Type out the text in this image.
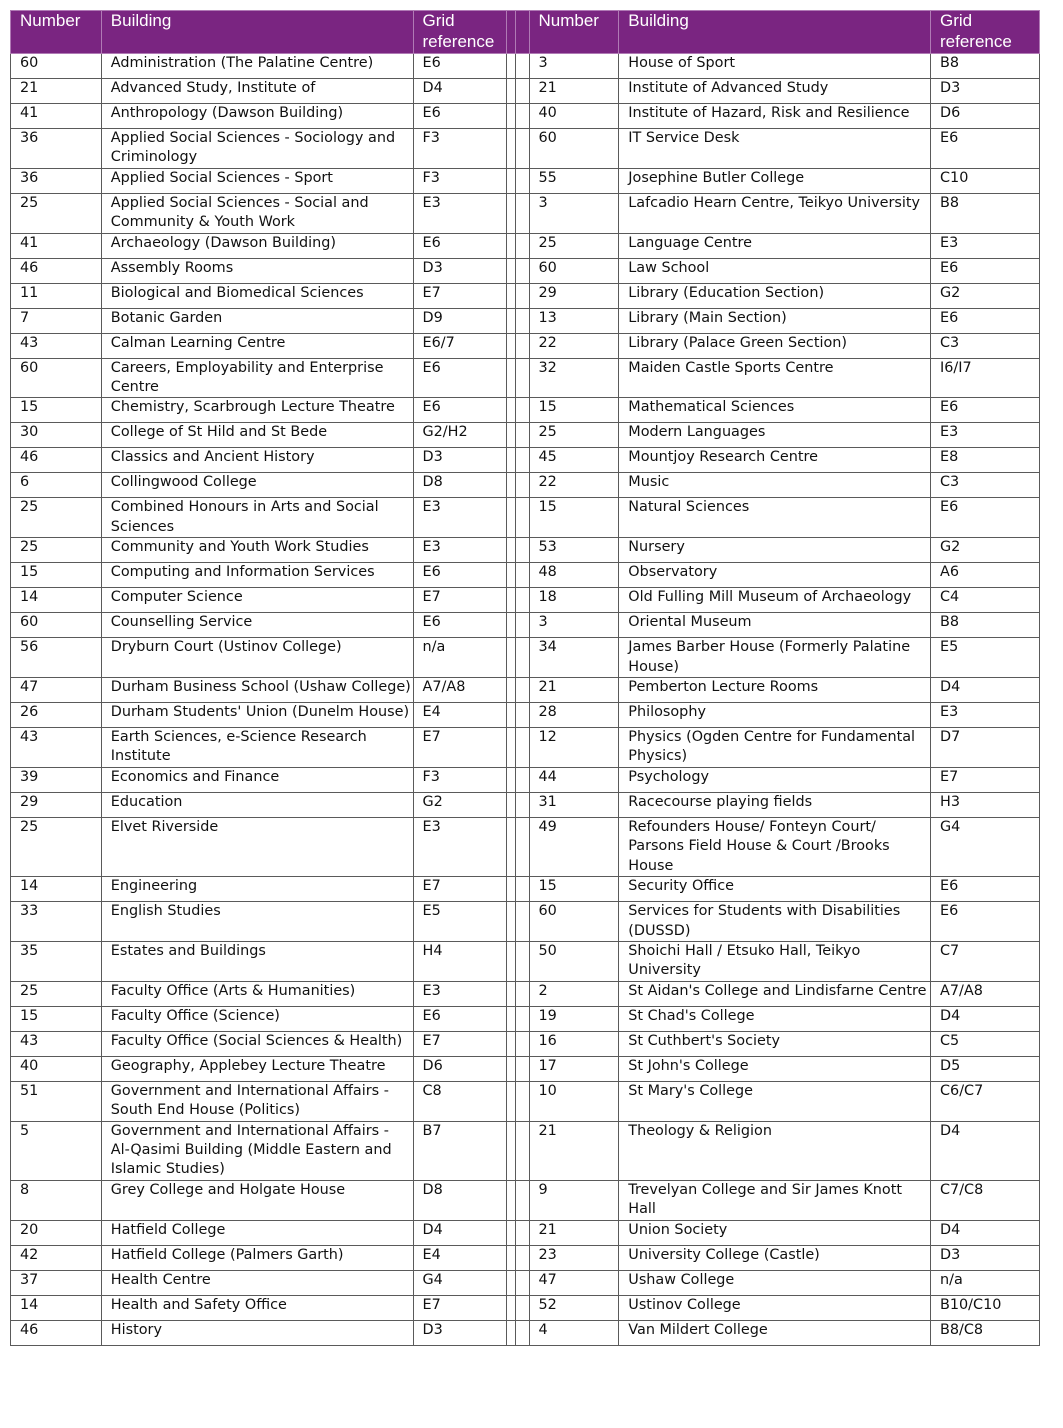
Number	Building	Grid reference			Number	Building	Grid reference
60	Administration (The Palatine Centre)	E6			3	House of Sport	B8
21	Advanced Study, Institute of	D4			21	Institute of Advanced Study	D3
41	Anthropology (Dawson Building)	E6			40	Institute of Hazard, Risk and Resilience	D6
36	Applied Social Sciences - Sociology and Criminology	F3			60	IT Service Desk	E6
36	Applied Social Sciences - Sport	F3			55	Josephine Butler College	C10
25	Applied Social Sciences - Social and Community & Youth Work	E3			3	Lafcadio Hearn Centre, Teikyo University	B8
41	Archaeology (Dawson Building)	E6			25	Language Centre	E3
46	Assembly Rooms	D3			60	Law School	E6
11	Biological and Biomedical Sciences	E7			29	Library (Education Section)	G2
7	Botanic Garden	D9			13	Library (Main Section)	E6
43	Calman Learning Centre	E6/7			22	Library (Palace Green Section)	C3
60	Careers, Employability and Enterprise Centre	E6			32	Maiden Castle Sports Centre	I6/I7
15	Chemistry, Scarbrough Lecture Theatre	E6			15	Mathematical Sciences	E6
30	College of St Hild and St Bede	G2/H2			25	Modern Languages	E3
46	Classics and Ancient History	D3			45	Mountjoy Research Centre	E8
6	Collingwood College	D8			22	Music	C3
25	Combined Honours in Arts and Social Sciences	E3			15	Natural Sciences	E6
25	Community and Youth Work Studies	E3			53	Nursery	G2
15	Computing and Information Services	E6			48	Observatory	A6
14	Computer Science	E7			18	Old Fulling Mill Museum of Archaeology	C4
60	Counselling Service	E6			3	Oriental Museum	B8
56	Dryburn Court (Ustinov College)	n/a			34	James Barber House (Formerly Palatine House)	E5
47	Durham Business School (Ushaw College)	A7/A8			21	Pemberton Lecture Rooms	D4
26	Durham Students' Union (Dunelm House)	E4			28	Philosophy	E3
43	Earth Sciences, e-Science Research Institute	E7			12	Physics (Ogden Centre for Fundamental Physics)	D7
39	Economics and Finance	F3			44	Psychology	E7
29	Education	G2			31	Racecourse playing fields	H3
25	Elvet Riverside	E3			49	Refounders House/ Fonteyn Court/ Parsons Field House & Court /Brooks House	G4
14	Engineering	E7			15	Security Office	E6
33	English Studies	E5			60	Services for Students with Disabilities (DUSSD)	E6
35	Estates and Buildings	H4			50	Shoichi Hall / Etsuko Hall, Teikyo University	C7
25	Faculty Office (Arts & Humanities)	E3			2	St Aidan's College and Lindisfarne Centre	A7/A8
15	Faculty Office (Science)	E6			19	St Chad's College	D4
43	Faculty Office (Social Sciences & Health)	E7			16	St Cuthbert's Society	C5
40	Geography, Applebey Lecture Theatre	D6			17	St John's College	D5
51	Government and International Affairs - South End House (Politics)	C8			10	St Mary's College	C6/C7
5	Government and International Affairs - Al-Qasimi Building (Middle Eastern and Islamic Studies)	B7			21	Theology & Religion	D4
8	Grey College and Holgate House	D8			9	Trevelyan College and Sir James Knott Hall	C7/C8
20	Hatfield College	D4			21	Union Society	D4
42	Hatfield College (Palmers Garth)	E4			23	University College (Castle)	D3
37	Health Centre	G4			47	Ushaw College	n/a
14	Health and Safety Office	E7			52	Ustinov College	B10/C10
46	History	D3			4	Van Mildert College	B8/C8
